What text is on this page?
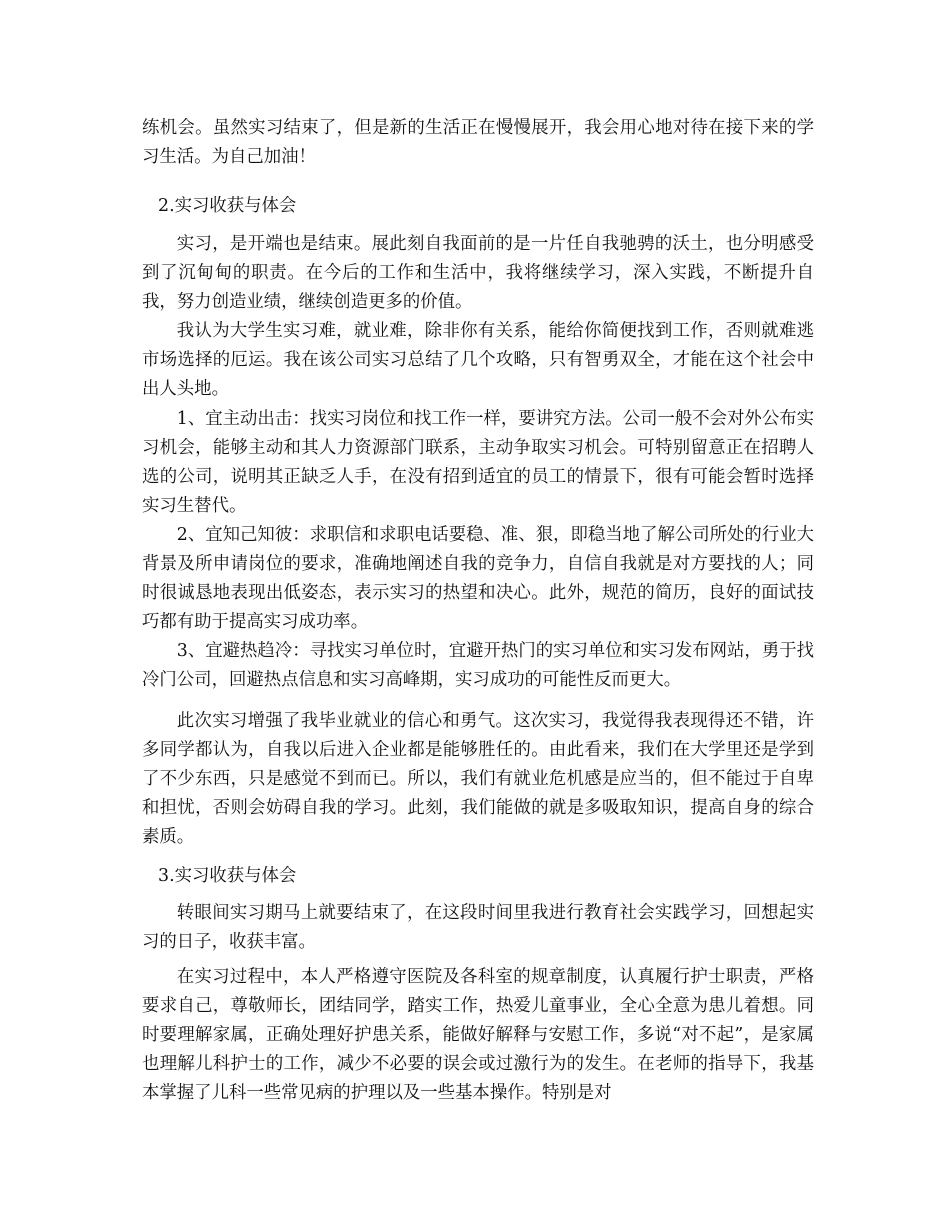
练机会。虽然实习结束了，但是新的生活正在慢慢展开，我会用心地对待在接下来的学习生活。为自己加油！

2.实习收获与体会

实习，是开端也是结束。展此刻自我面前的是一片任自我驰骋的沃土，也分明感受到了沉甸甸的职责。在今后的工作和生活中，我将继续学习，深入实践，不断提升自我，努力创造业绩，继续创造更多的价值。

我认为大学生实习难，就业难，除非你有关系，能给你简便找到工作，否则就难逃市场选择的厄运。我在该公司实习总结了几个攻略，只有智勇双全，才能在这个社会中出人头地。

1、宜主动出击：找实习岗位和找工作一样，要讲究方法。公司一般不会对外公布实习机会，能够主动和其人力资源部门联系，主动争取实习机会。可特别留意正在招聘人选的公司，说明其正缺乏人手，在没有招到适宜的员工的情景下，很有可能会暂时选择实习生替代。

2、宜知己知彼：求职信和求职电话要稳、准、狠，即稳当地了解公司所处的行业大背景及所申请岗位的要求，准确地阐述自我的竞争力，自信自我就是对方要找的人；同时很诚恳地表现出低姿态，表示实习的热望和决心。此外，规范的简历，良好的面试技巧都有助于提高实习成功率。

3、宜避热趋冷：寻找实习单位时，宜避开热门的实习单位和实习发布网站，勇于找冷门公司，回避热点信息和实习高峰期，实习成功的可能性反而更大。

此次实习增强了我毕业就业的信心和勇气。这次实习，我觉得我表现得还不错，许多同学都认为，自我以后进入企业都是能够胜任的。由此看来，我们在大学里还是学到了不少东西，只是感觉不到而已。所以，我们有就业危机感是应当的，但不能过于自卑和担忧，否则会妨碍自我的学习。此刻，我们能做的就是多吸取知识，提高自身的综合素质。

3.实习收获与体会

转眼间实习期马上就要结束了，在这段时间里我进行教育社会实践学习，回想起实习的日子，收获丰富。

在实习过程中，本人严格遵守医院及各科室的规章制度，认真履行护士职责，严格要求自己，尊敬师长，团结同学，踏实工作，热爱儿童事业，全心全意为患儿着想。同时要理解家属，正确处理好护患关系，能做好解释与安慰工作，多说“对不起”，是家属也理解儿科护士的工作，减少不必要的误会或过激行为的发生。在老师的指导下，我基本掌握了儿科一些常见病的护理以及一些基本操作。特别是对
